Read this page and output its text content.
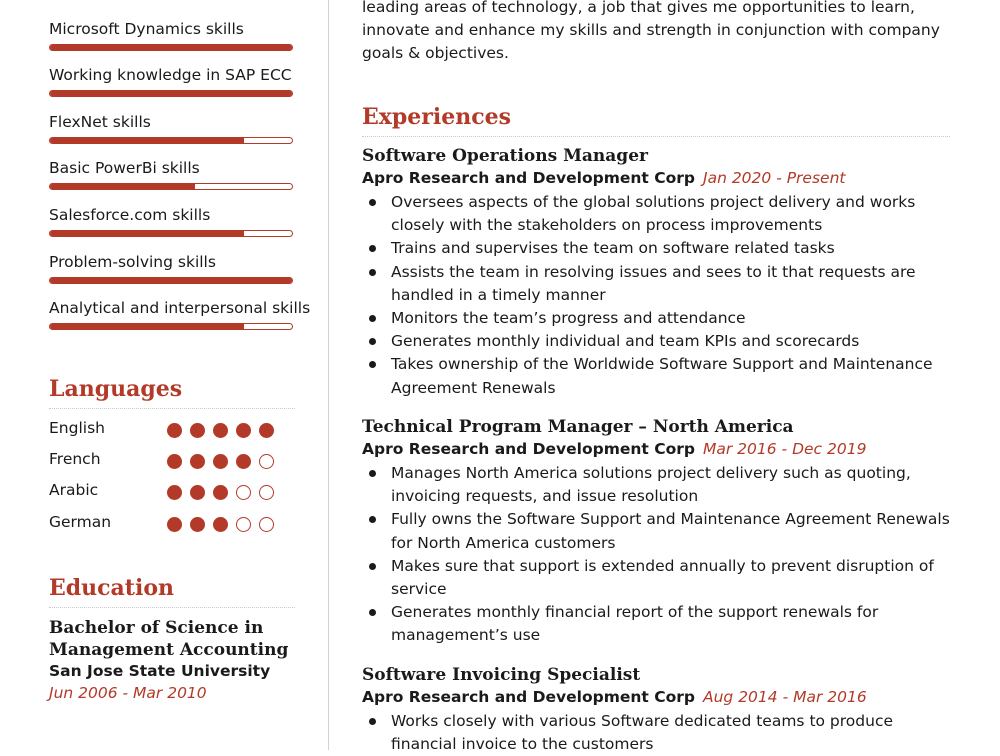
Microsoft Dynamics skills
Working knowledge in SAP ECC
FlexNet skills
Basic PowerBi skills
Salesforce.com skills
Problem-solving skills
Analytical and interpersonal skills
Languages
English
French
Arabic
German
Education
Bachelor of Science in Management Accounting
San Jose State University
Jun 2006 - Mar 2010
leading areas of technology, a job that gives me opportunities to learn, innovate and enhance my skills and strength in conjunction with company goals & objectives.
Experiences
Software Operations Manager
Apro Research and Development Corp Jan 2020 - Present
Oversees aspects of the global solutions project delivery and works closely with the stakeholders on process improvements
Trains and supervises the team on software related tasks
Assists the team in resolving issues and sees to it that requests are handled in a timely manner
Monitors the team’s progress and attendance
Generates monthly individual and team KPIs and scorecards
Takes ownership of the Worldwide Software Support and Maintenance Agreement Renewals
Technical Program Manager – North America
Apro Research and Development Corp Mar 2016 - Dec 2019
Manages North America solutions project delivery such as quoting, invoicing requests, and issue resolution
Fully owns the Software Support and Maintenance Agreement Renewals for North America customers
Makes sure that support is extended annually to prevent disruption of service
Generates monthly financial report of the support renewals for management’s use
Software Invoicing Specialist
Apro Research and Development Corp Aug 2014 - Mar 2016
Works closely with various Software dedicated teams to produce financial invoice to the customers
